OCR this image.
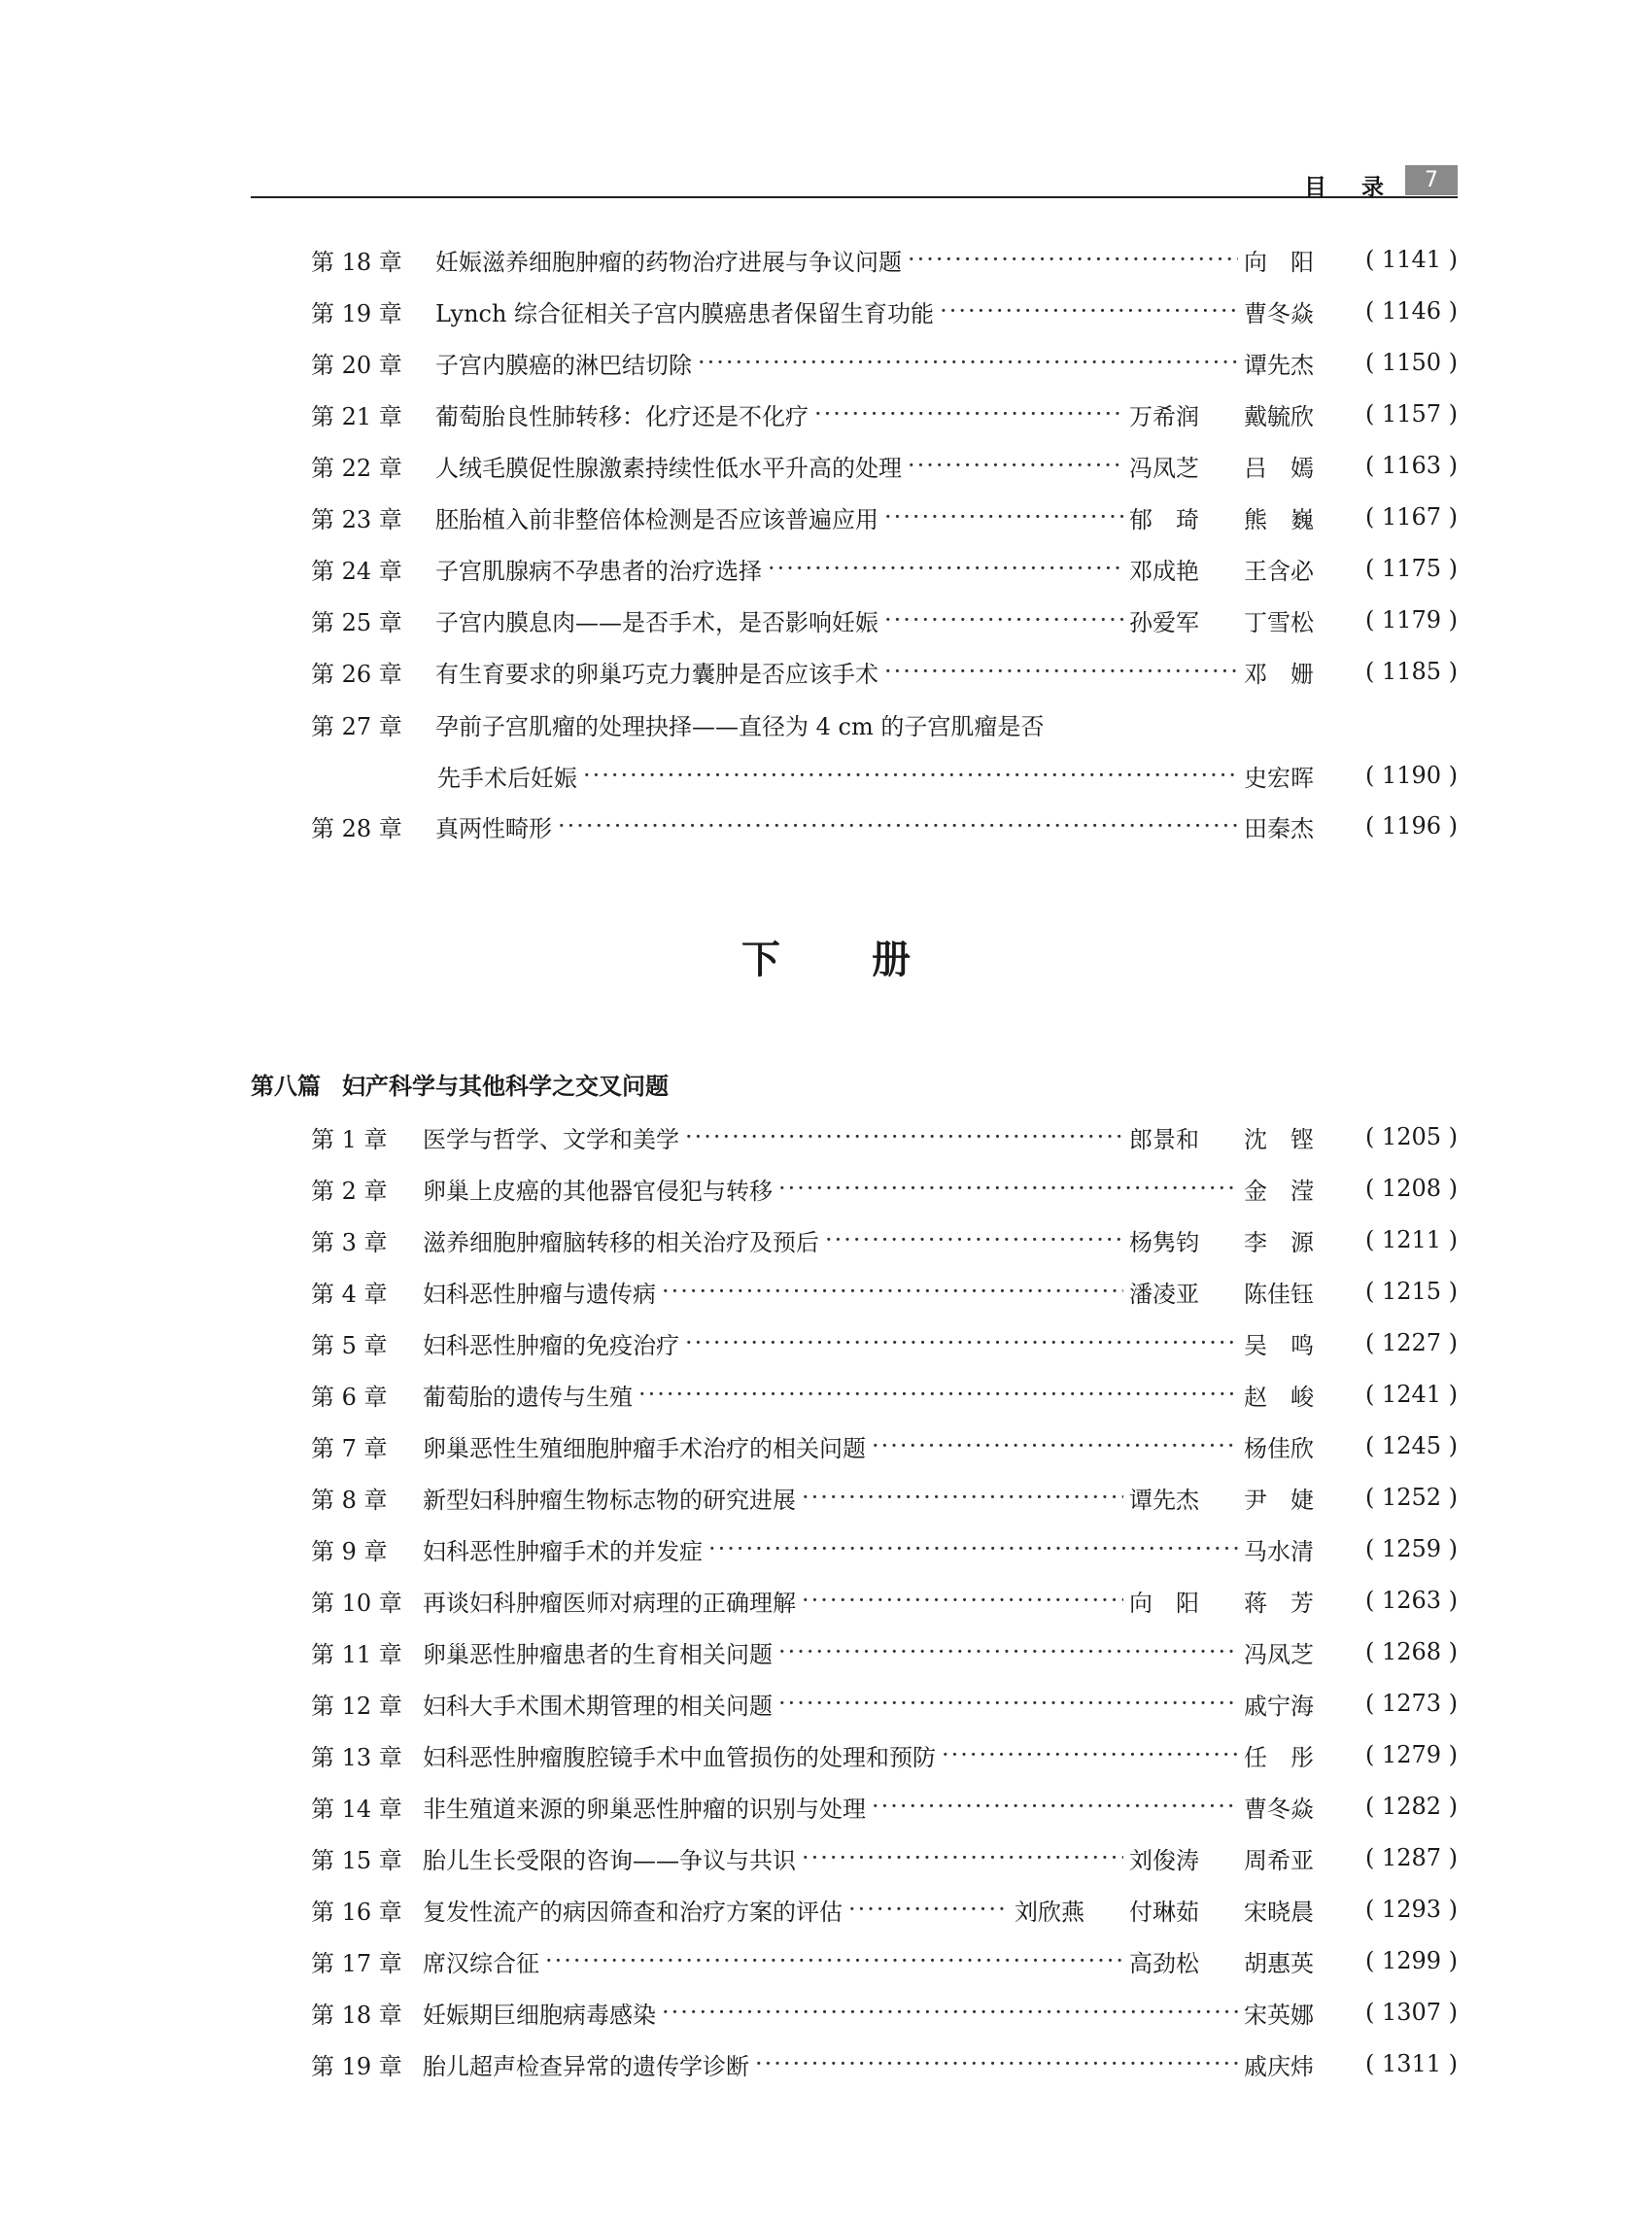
目 录	7
第 18 章	妊娠滋养细胞肿瘤的药物治疗进展与争议问题 ·····	向　阳	( 1141 )
第 19 章	Lynch 综合征相关子宫内膜癌患者保留生育功能 ·····	曹冬焱	( 1146 )
第 20 章	子宫内膜癌的淋巴结切除 ·····	谭先杰	( 1150 )
第 21 章	葡萄胎良性肺转移：化疗还是不化疗 ·····	万希润	戴毓欣	( 1157 )
第 22 章	人绒毛膜促性腺激素持续性低水平升高的处理 ·····	冯凤芝	吕　嫣	( 1163 )
第 23 章	胚胎植入前非整倍体检测是否应该普遍应用 ·····	郁　琦	熊　巍	( 1167 )
第 24 章	子宫肌腺病不孕患者的治疗选择 ·····	邓成艳	王含必	( 1175 )
第 25 章	子宫内膜息肉——是否手术，是否影响妊娠 ·····	孙爱军	丁雪松	( 1179 )
第 26 章	有生育要求的卵巢巧克力囊肿是否应该手术 ·····	邓　姗	( 1185 )
第 27 章	孕前子宫肌瘤的处理抉择——直径为 4 cm 的子宫肌瘤是否
先手术后妊娠 ·····	史宏晖	( 1190 )
第 28 章	真两性畸形 ·····	田秦杰	( 1196 )
下 册
第八篇 妇产科学与其他科学之交叉问题
第 1 章	医学与哲学、文学和美学 ·····	郎景和	沈　铿	( 1205 )
第 2 章	卵巢上皮癌的其他器官侵犯与转移 ·····	金　滢	( 1208 )
第 3 章	滋养细胞肿瘤脑转移的相关治疗及预后 ·····	杨隽钧	李　源	( 1211 )
第 4 章	妇科恶性肿瘤与遗传病 ·····	潘凌亚	陈佳钰	( 1215 )
第 5 章	妇科恶性肿瘤的免疫治疗 ·····	吴　鸣	( 1227 )
第 6 章	葡萄胎的遗传与生殖 ·····	赵　峻	( 1241 )
第 7 章	卵巢恶性生殖细胞肿瘤手术治疗的相关问题 ·····	杨佳欣	( 1245 )
第 8 章	新型妇科肿瘤生物标志物的研究进展 ·····	谭先杰	尹　婕	( 1252 )
第 9 章	妇科恶性肿瘤手术的并发症 ·····	马水清	( 1259 )
第 10 章 再谈妇科肿瘤医师对病理的正确理解 ·····	向　阳	蒋　芳	( 1263 )
第 11 章 卵巢恶性肿瘤患者的生育相关问题 ·····	冯凤芝	( 1268 )
第 12 章 妇科大手术围术期管理的相关问题 ·····	戚宁海	( 1273 )
第 13 章 妇科恶性肿瘤腹腔镜手术中血管损伤的处理和预防 ·····	任　彤	( 1279 )
第 14 章 非生殖道来源的卵巢恶性肿瘤的识别与处理 ·····	曹冬焱	( 1282 )
第 15 章 胎儿生长受限的咨询——争议与共识 ·····	刘俊涛	周希亚	( 1287 )
第 16 章 复发性流产的病因筛查和治疗方案的评估 ·····	刘欣燕	付琳茹	宋晓晨	( 1293 )
第 17 章 席汉综合征 ·····	高劲松	胡惠英	( 1299 )
第 18 章 妊娠期巨细胞病毒感染 ·····	宋英娜	( 1307 )
第 19 章 胎儿超声检查异常的遗传学诊断 ·····	戚庆炜	( 1311 )
